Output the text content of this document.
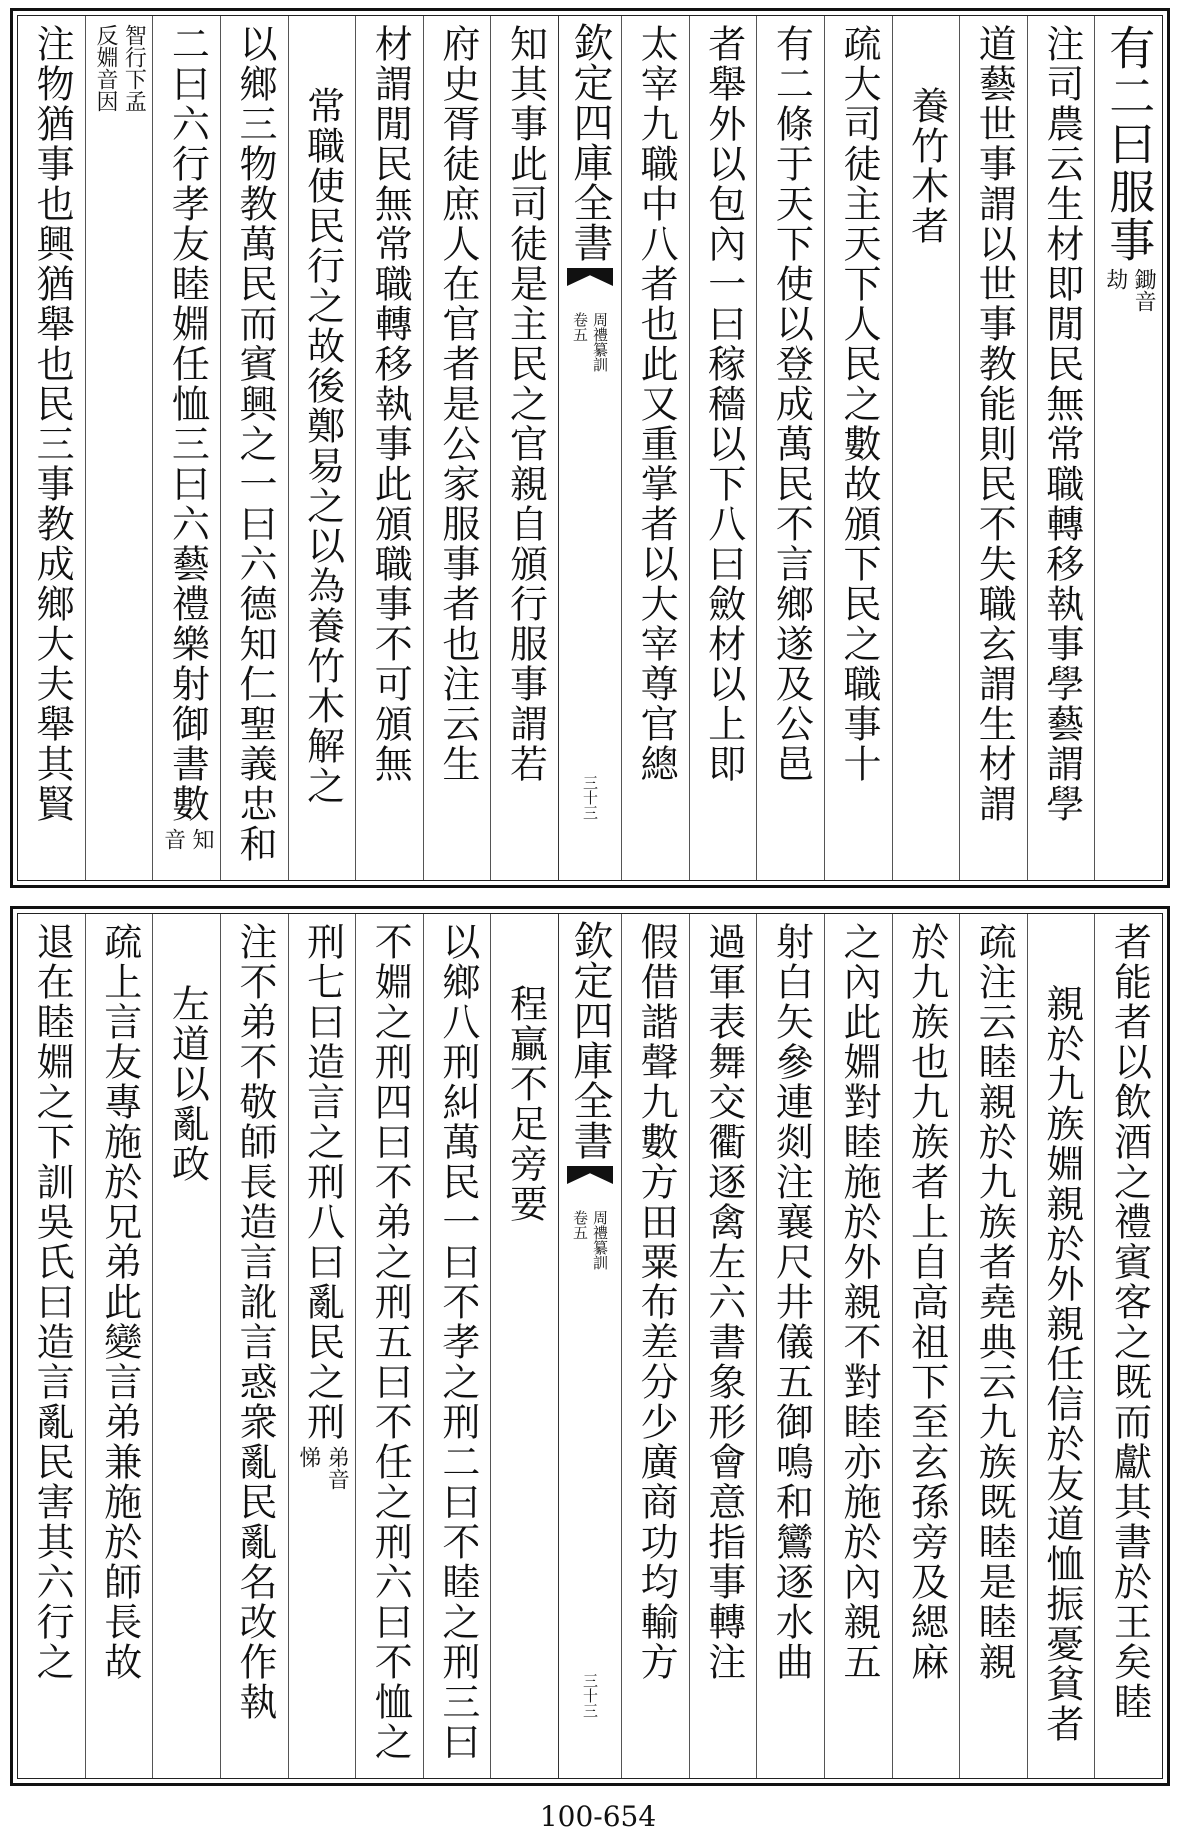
有二曰服事
鋤音
劫
注司農云生材即閒民無常職轉移執事學藝謂學
道藝世事謂以世事教能則民不失職玄謂生材謂
養竹木者
疏大司徒主天下人民之數故頒下民之職事十
有二條于天下使以登成萬民不言鄉遂及公邑
者舉外以包內一曰稼穡以下八曰斂材以上即
太宰九職中八者也此又重掌者以大宰尊官總
欽定四庫全書
周禮纂訓
卷五
三十三
知其事此司徒是主民之官親自頒行服事謂若
府史胥徒庶人在官者是公家服事者也注云生
材謂閒民無常職轉移執事此頒職事不可頒無
常職使民行之故後鄭易之以為養竹木解之
以鄉三物教萬民而賓興之一曰六德知仁聖義忠和
二曰六行孝友睦婣任恤三曰六藝禮樂射御書數
知
音
智行下孟
反婣音因
注物猶事也興猶舉也民三事教成鄉大夫舉其賢
者能者以飲酒之禮賓客之既而獻其書於王矣睦
親於九族婣親於外親任信於友道恤振憂貧者
疏注云睦親於九族者堯典云九族既睦是睦親
於九族也九族者上自高祖下至玄孫旁及緦麻
之內此婣對睦施於外親不對睦亦施於內親五
射白矢參連剡注襄尺井儀五御鳴和鸞逐水曲
過軍表舞交衢逐禽左六書象形會意指事轉注
假借諧聲九數方田粟布差分少廣商功均輸方
欽定四庫全書
周禮纂訓
卷五
三十三
程贏不足旁要
以鄉八刑糾萬民一曰不孝之刑二曰不睦之刑三曰
不婣之刑四曰不弟之刑五曰不任之刑六曰不恤之
刑七曰造言之刑八曰亂民之刑
弟音
悌
注不弟不敬師長造言訛言惑衆亂民亂名改作執
左道以亂政
疏上言友專施於兄弟此變言弟兼施於師長故
退在睦婣之下訓吳氏曰造言亂民害其六行之
100-654
